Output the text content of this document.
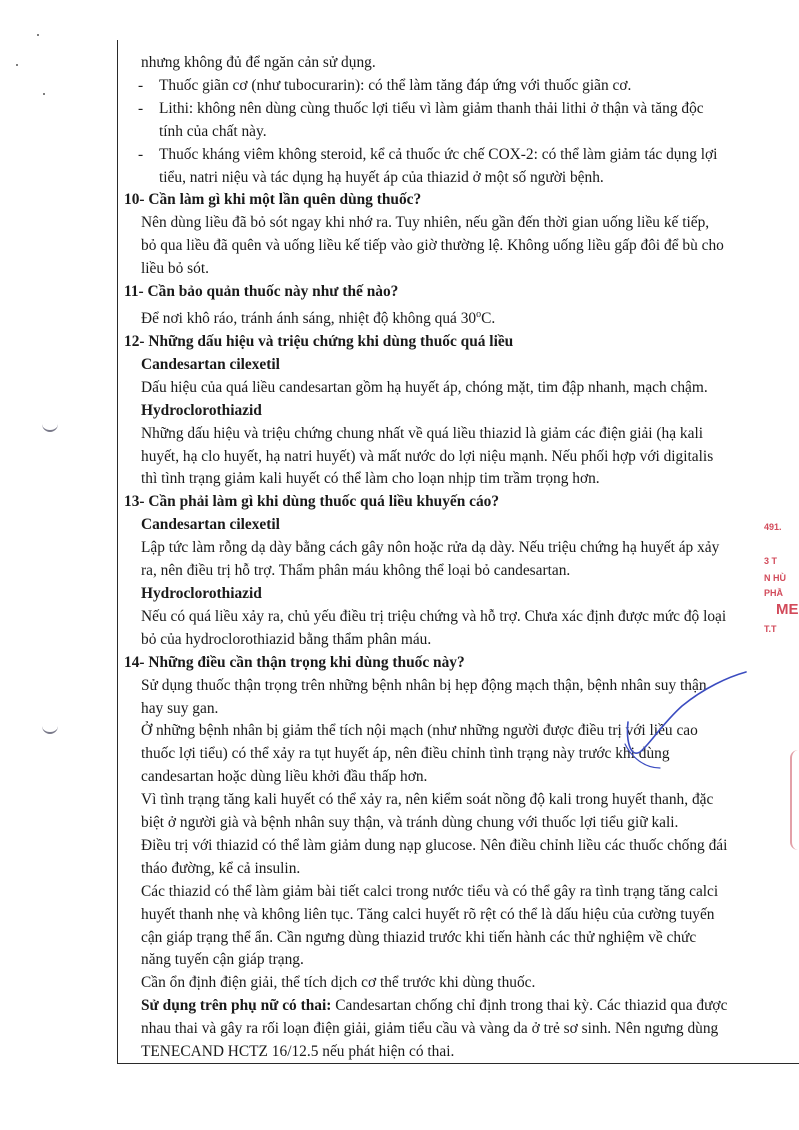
nhưng không đủ để ngăn cản sử dụng.

- Thuốc giãn cơ (như tubocurarin): có thể làm tăng đáp ứng với thuốc giãn cơ.
- Lithi: không nên dùng cùng thuốc lợi tiểu vì làm giảm thanh thải lithi ở thận và tăng độc
tính của chất này.
- Thuốc kháng viêm không steroid, kể cả thuốc ức chế COX-2: có thể làm giảm tác dụng lợi
tiểu, natri niệu và tác dụng hạ huyết áp của thiazid ở một số người bệnh.

10- Cần làm gì khi một lần quên dùng thuốc?

Nên dùng liều đã bỏ sót ngay khi nhớ ra. Tuy nhiên, nếu gần đến thời gian uống liều kế tiếp,

bỏ qua liều đã quên và uống liều kế tiếp vào giờ thường lệ. Không uống liều gấp đôi để bù cho

liều bỏ sót.

11- Cần bảo quản thuốc này như thế nào?

Để nơi khô ráo, tránh ánh sáng, nhiệt độ không quá 30$^o$C.

12- Những dấu hiệu và triệu chứng khi dùng thuốc quá liều

Candesartan cilexetil

Dấu hiệu của quá liều candesartan gồm hạ huyết áp, chóng mặt, tim đập nhanh, mạch chậm.

Hydroclorothiazid

Những dấu hiệu và triệu chứng chung nhất về quá liều thiazid là giảm các điện giải (hạ kali

huyết, hạ clo huyết, hạ natri huyết) và mất nước do lợi niệu mạnh. Nếu phối hợp với digitalis

thì tình trạng giảm kali huyết có thể làm cho loạn nhịp tim trầm trọng hơn.

13- Cần phải làm gì khi dùng thuốc quá liều khuyến cáo?

Candesartan cilexetil

Lập tức làm rỗng dạ dày bằng cách gây nôn hoặc rửa dạ dày. Nếu triệu chứng hạ huyết áp xảy

ra, nên điều trị hỗ trợ. Thẩm phân máu không thể loại bỏ candesartan.

Hydroclorothiazid

Nếu có quá liều xảy ra, chủ yếu điều trị triệu chứng và hỗ trợ. Chưa xác định được mức độ loại

bỏ của hydroclorothiazid bằng thẩm phân máu.

14- Những điều cần thận trọng khi dùng thuốc này?

Sử dụng thuốc thận trọng trên những bệnh nhân bị hẹp động mạch thận, bệnh nhân suy thận

hay suy gan.

Ở những bệnh nhân bị giảm thể tích nội mạch (như những người được điều trị với liều cao

thuốc lợi tiểu) có thể xảy ra tụt huyết áp, nên điều chỉnh tình trạng này trước khi dùng

candesartan hoặc dùng liều khởi đầu thấp hơn.

Vì tình trạng tăng kali huyết có thể xảy ra, nên kiểm soát nồng độ kali trong huyết thanh, đặc

biệt ở người già và bệnh nhân suy thận, và tránh dùng chung với thuốc lợi tiểu giữ kali.

Điều trị với thiazid có thể làm giảm dung nạp glucose. Nên điều chỉnh liều các thuốc chống đái

tháo đường, kể cả insulin.

Các thiazid có thể làm giảm bài tiết calci trong nước tiểu và có thể gây ra tình trạng tăng calci

huyết thanh nhẹ và không liên tục. Tăng calci huyết rõ rệt có thể là dấu hiệu của cường tuyến

cận giáp trạng thể ẩn. Cần ngưng dùng thiazid trước khi tiến hành các thử nghiệm về chức

năng tuyến cận giáp trạng.

Cần ổn định điện giải, thể tích dịch cơ thể trước khi dùng thuốc.

Sử dụng trên phụ nữ có thai: Candesartan chống chỉ định trong thai kỳ. Các thiazid qua được

nhau thai và gây ra rối loạn điện giải, giảm tiểu cầu và vàng da ở trẻ sơ sinh. Nên ngưng dùng

TENECAND HCTZ 16/12.5 nếu phát hiện có thai.

491.
3 T
N HÙ
PHẦ
ME
T.T
